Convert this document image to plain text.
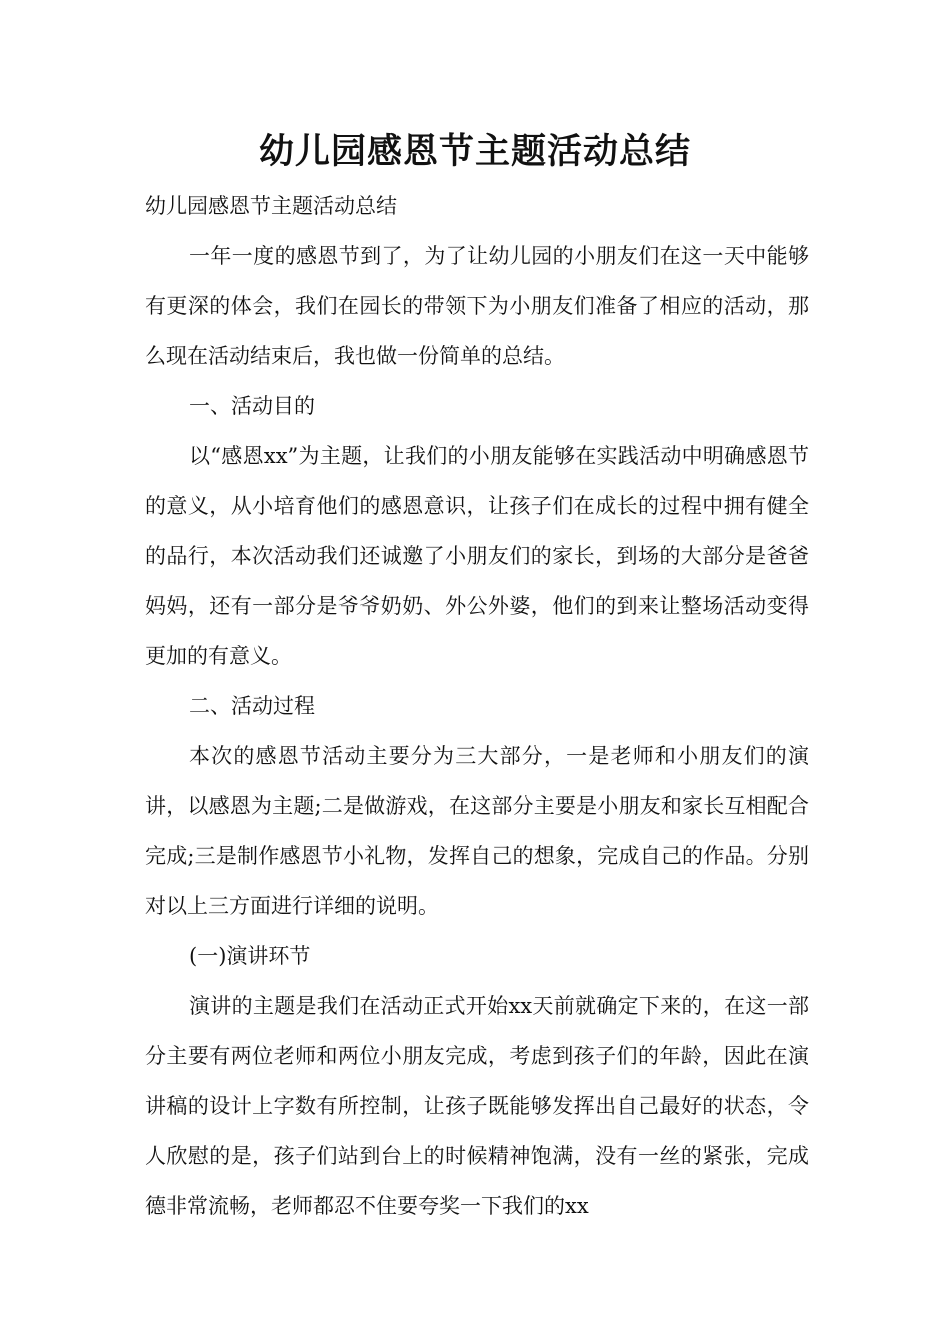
幼儿园感恩节主题活动总结

幼儿园感恩节主题活动总结

一年一度的感恩节到了，为了让幼儿园的小朋友们在这一天中能够有更深的体会，我们在园长的带领下为小朋友们准备了相应的活动，那么现在活动结束后，我也做一份简单的总结。

一、活动目的

以“感恩xx”为主题，让我们的小朋友能够在实践活动中明确感恩节的意义，从小培育他们的感恩意识，让孩子们在成长的过程中拥有健全的品行，本次活动我们还诚邀了小朋友们的家长，到场的大部分是爸爸妈妈，还有一部分是爷爷奶奶、外公外婆，他们的到来让整场活动变得更加的有意义。

二、活动过程

本次的感恩节活动主要分为三大部分，一是老师和小朋友们的演讲，以感恩为主题;二是做游戏，在这部分主要是小朋友和家长互相配合完成;三是制作感恩节小礼物，发挥自己的想象，完成自己的作品。分别对以上三方面进行详细的说明。

(一)演讲环节

演讲的主题是我们在活动正式开始xx天前就确定下来的，在这一部分主要有两位老师和两位小朋友完成，考虑到孩子们的年龄，因此在演讲稿的设计上字数有所控制，让孩子既能够发挥出自己最好的状态，令人欣慰的是，孩子们站到台上的时候精神饱满，没有一丝的紧张，完成德非常流畅，老师都忍不住要夸奖一下我们的xx
